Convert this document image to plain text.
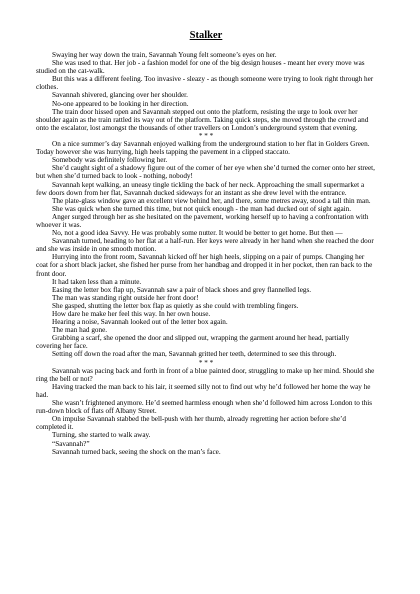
Stalker

Swaying her way down the train, Savannah Young felt someone’s eyes on her.

She was used to that. Her job - a fashion model for one of the big design houses - meant her every move was studied on the cat-walk.

But this was a different feeling. Too invasive - sleazy - as though someone were trying to look right through her clothes.

Savannah shivered, glancing over her shoulder.

No-one appeared to be looking in her direction.

The train door hissed open and Savannah stepped out onto the platform, resisting the urge to look over her shoulder again as the train rattled its way out of the platform. Taking quick steps, she moved through the crowd and onto the escalator, lost amongst the thousands of other travellers on London’s underground system that evening.

* * *

On a nice summer’s day Savannah enjoyed walking from the underground station to her flat in Golders Green. Today however she was hurrying, high heels tapping the pavement in a clipped staccato.

Somebody was definitely following her.

She’d caught sight of a shadowy figure out of the corner of her eye when she’d turned the corner onto her street, but when she’d turned back to look - nothing, nobody!

Savannah kept walking, an uneasy tingle tickling the back of her neck. Approaching the small supermarket a few doors down from her flat, Savannah ducked sideways for an instant as she drew level with the entrance.

The plate-glass window gave an excellent view behind her, and there, some metres away, stood a tall thin man.

She was quick when she turned this time, but not quick enough - the man had ducked out of sight again.

Anger surged through her as she hesitated on the pavement, working herself up to having a confrontation with whoever it was.

No, not a good idea Savvy. He was probably some nutter. It would be better to get home. But then —

Savannah turned, heading to her flat at a half-run. Her keys were already in her hand when she reached the door and she was inside in one smooth motion.

Hurrying into the front room, Savannah kicked off her high heels, slipping on a pair of pumps. Changing her coat for a short black jacket, she fished her purse from her handbag and dropped it in her pocket, then ran back to the front door.

It had taken less than a minute.

Easing the letter box flap up, Savannah saw a pair of black shoes and grey flannelled legs.

The man was standing right outside her front door!

She gasped, shutting the letter box flap as quietly as she could with trembling fingers.

How dare he make her feel this way. In her own house.

Hearing a noise, Savannah looked out of the letter box again.

The man had gone.

Grabbing a scarf, she opened the door and slipped out, wrapping the garment around her head, partially covering her face.

Setting off down the road after the man, Savannah gritted her teeth, determined to see this through.

* * *

Savannah was pacing back and forth in front of a blue painted door, struggling to make up her mind. Should she ring the bell or not?

Having tracked the man back to his lair, it seemed silly not to find out why he’d followed her home the way he had.

She wasn’t frightened anymore. He’d seemed harmless enough when she’d followed him across London to this run-down block of flats off Albany Street.

On impulse Savannah stabbed the bell-push with her thumb, already regretting her action before she’d completed it.

Turning, she started to walk away.

“Savannah?”

Savannah turned back, seeing the shock on the man’s face.
